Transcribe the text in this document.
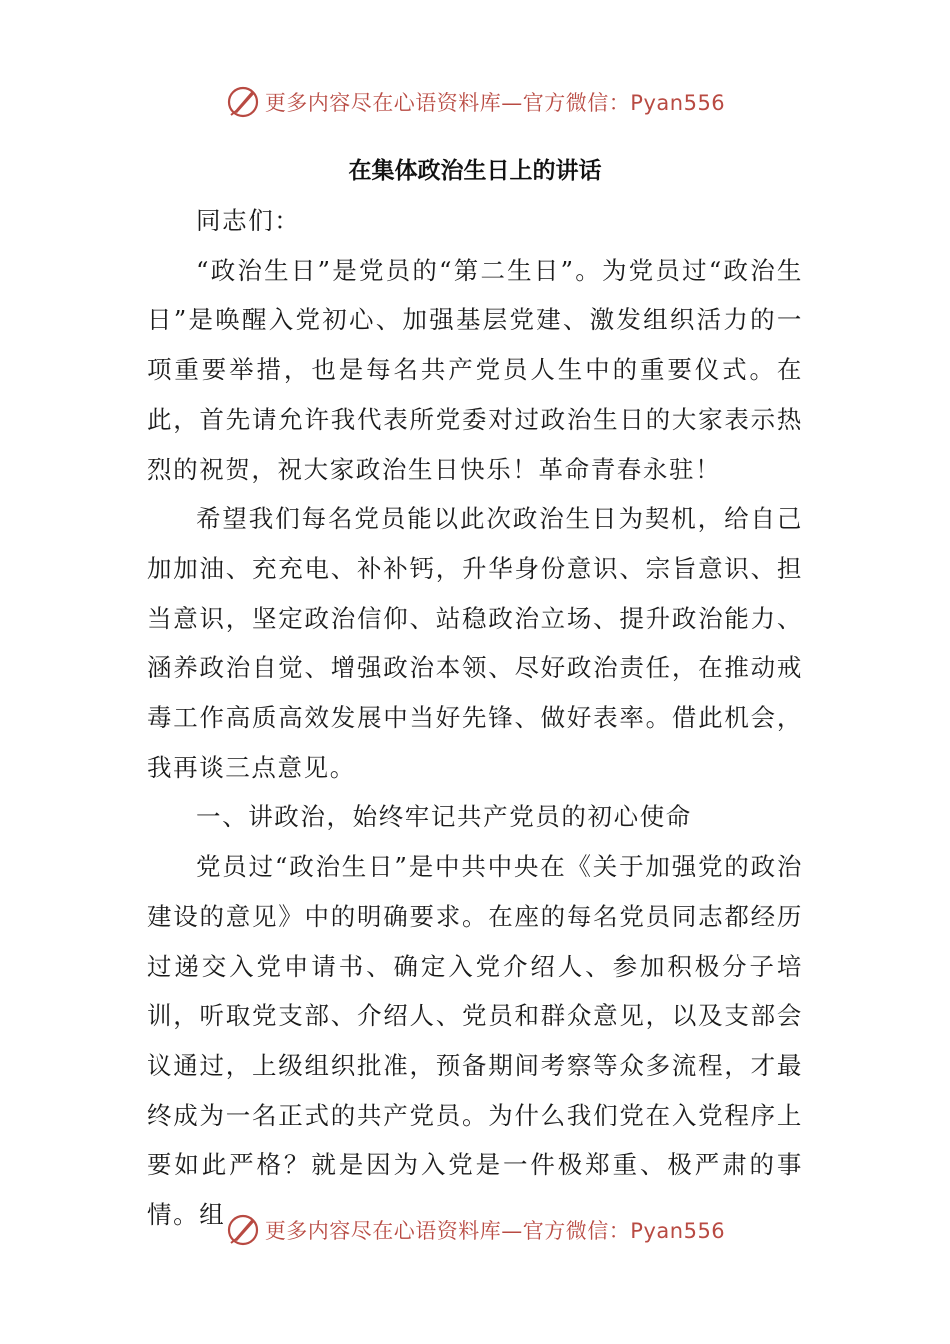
更多内容尽在心语资料库—官方微信：Pyan556
在集体政治生日上的讲话

同志们：

“政治生日”是党员的“第二生日”。为党员过“政治生日”是唤醒入党初心、加强基层党建、激发组织活力的一项重要举措，也是每名共产党员人生中的重要仪式。在此，首先请允许我代表所党委对过政治生日的大家表示热烈的祝贺，祝大家政治生日快乐！革命青春永驻！

希望我们每名党员能以此次政治生日为契机，给自己加加油、充充电、补补钙，升华身份意识、宗旨意识、担当意识，坚定政治信仰、站稳政治立场、提升政治能力、涵养政治自觉、增强政治本领、尽好政治责任，在推动戒毒工作高质高效发展中当好先锋、做好表率。借此机会，我再谈三点意见。

一、讲政治，始终牢记共产党员的初心使命

党员过“政治生日”是中共中央在《关于加强党的政治建设的意见》中的明确要求。在座的每名党员同志都经历过递交入党申请书、确定入党介绍人、参加积极分子培训，听取党支部、介绍人、党员和群众意见，以及支部会议通过，上级组织批准，预备期间考察等众多流程，才最终成为一名正式的共产党员。为什么我们党在入党程序上要如此严格？就是因为入党是一件极郑重、极严肃的事情。组

更多内容尽在心语资料库—官方微信：Pyan556
